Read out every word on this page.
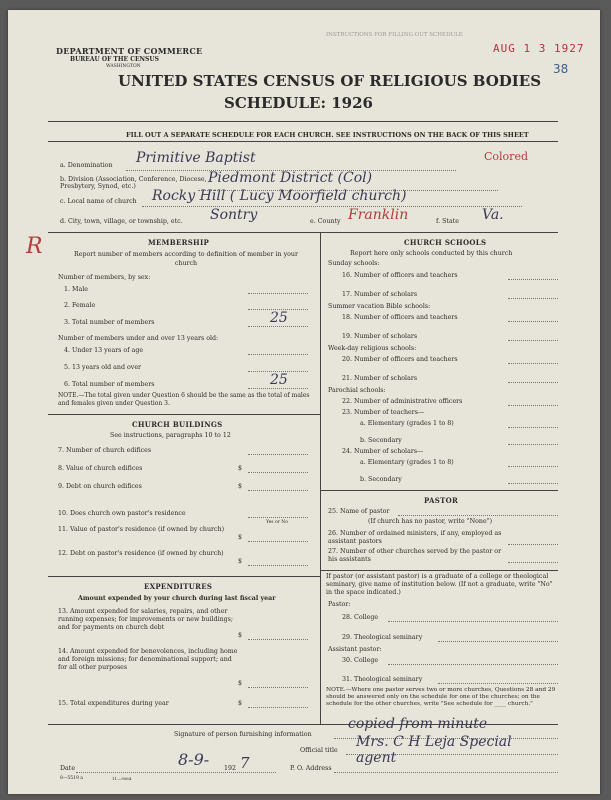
INSTRUCTIONS FOR FILLING OUT SCHEDULE
DEPARTMENT OF COMMERCE
BUREAU OF THE CENSUS
WASHINGTON
UNITED STATES CENSUS OF RELIGIOUS BODIES
SCHEDULE: 1926
AUG 1 3 1927
38
FILL OUT A SEPARATE SCHEDULE FOR EACH CHURCH. SEE INSTRUCTIONS ON THE BACK OF THIS SHEET
Colored
R
a. Denomination Primitive Baptist
b. Division (Association, Conference, Diocese, Presbytery, Synod, etc.)
Piedmont District (Col)
c. Local name of church Rocky Hill ( Lucy Moorfield church)
d. City, town, village, or township, etc. Sontry	e. County Franklin	f. State Va.
MEMBERSHIP
Report number of members according to definition of member in your church
Number of members, by sex:
1. Male
2. Female
3. Total number of members	25
Number of members under and over 13 years old:
4. Under 13 years of age
5. 13 years old and over
6. Total number of members	25
NOTE.—The total given under Question 6 should be the same as the total of males and females given under Question 3.
CHURCH BUILDINGS
See instructions, paragraphs 10 to 12
7. Number of church edifices
8. Value of church edifices	$
9. Debt on church edifices	$
10. Does church own pastor's residence
Yes or No
11. Value of pastor's residence (if owned by church)
$
12. Debt on pastor's residence (if owned by church)
$
EXPENDITURES
Amount expended by your church during last fiscal year
13. Amount expended for salaries, repairs, and other running expenses; for improvements or new buildings; and for payments on church debt
$
14. Amount expended for benevolences, including home and foreign missions; for denominational support; and for all other purposes
$
15. Total expenditures during year	$
CHURCH SCHOOLS
Report here only schools conducted by this church
Sunday schools:
16. Number of officers and teachers
17. Number of scholars
Summer vacation Bible schools:
18. Number of officers and teachers
19. Number of scholars
Week-day religious schools:
20. Number of officers and teachers
21. Number of scholars
Parochial schools:
22. Number of administrative officers
23. Number of teachers—
a. Elementary (grades 1 to 8)
b. Secondary
24. Number of scholars—
a. Elementary (grades 1 to 8)
b. Secondary
PASTOR
25. Name of pastor
(If church has no pastor, write "None")
26. Number of ordained ministers, if any, employed as assistant pastors
27. Number of other churches served by the pastor or his assistants
If pastor (or assistant pastor) is a graduate of a college or theological seminary, give name of institution below. (If not a graduate, write "No" in the space indicated.)
Pastor:
28. College
29. Theological seminary
Assistant pastor:
30. College
31. Theological seminary
NOTE.—Where one pastor serves two or more churches, Questions 28 and 29 should be answered only on the schedule for one of the churches; on the schedule for the other churches, write "See schedule for ____ church."
Signature of person furnishing information
copied from minute
Official title
Mrs. C H Leja Special agent
Date	8-9- 192 7	P. O. Address
8—5519 a	11—9064
